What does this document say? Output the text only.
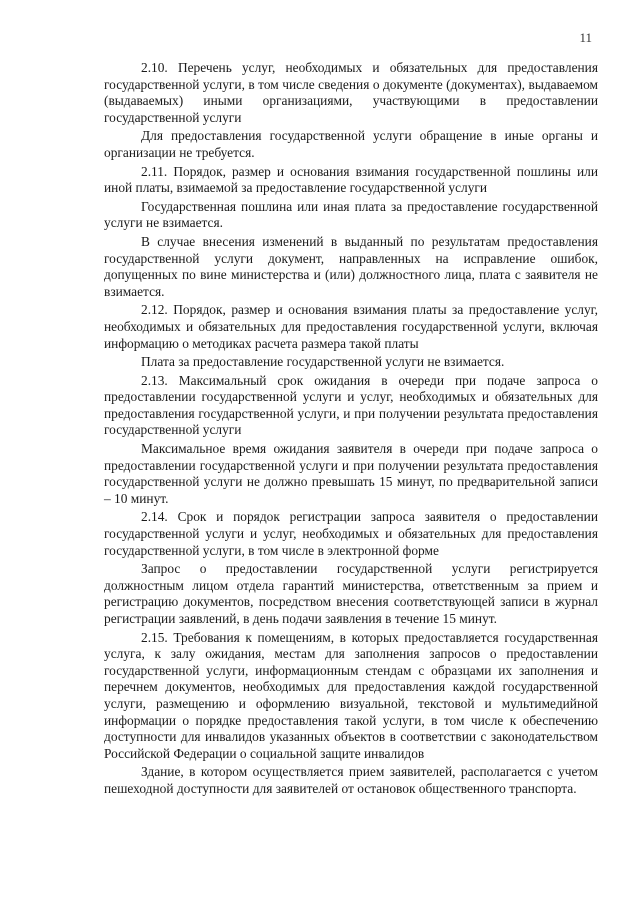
11

2.10. Перечень услуг, необходимых и обязательных для предоставления государственной услуги, в том числе сведения о документе (документах), выдаваемом (выдаваемых) иными организациями, участвующими в предоставлении государственной услуги

Для предоставления государственной услуги обращение в иные органы и организации не требуется.

2.11. Порядок, размер и основания взимания государственной пошлины или иной платы, взимаемой за предоставление государственной услуги

Государственная пошлина или иная плата за предоставление государственной услуги не взимается.

В случае внесения изменений в выданный по результатам предоставления государственной услуги документ, направленных на исправление ошибок, допущенных по вине министерства и (или) должностного лица, плата с заявителя не взимается.

2.12. Порядок, размер и основания взимания платы за предоставление услуг, необходимых и обязательных для предоставления государственной услуги, включая информацию о методиках расчета размера такой платы

Плата за предоставление государственной услуги не взимается.

2.13. Максимальный срок ожидания в очереди при подаче запроса о предоставлении государственной услуги и услуг, необходимых и обязательных для предоставления государственной услуги, и при получении результата предоставления государственной услуги

Максимальное время ожидания заявителя в очереди при подаче запроса о предоставлении государственной услуги и при получении результата предоставления государственной услуги не должно превышать 15 минут, по предварительной записи – 10 минут.

2.14. Срок и порядок регистрации запроса заявителя о предоставлении государственной услуги и услуг, необходимых и обязательных для предоставления государственной услуги, в том числе в электронной форме

Запрос о предоставлении государственной услуги регистрируется должностным лицом отдела гарантий министерства, ответственным за прием и регистрацию документов, посредством внесения соответствующей записи в журнал регистрации заявлений, в день подачи заявления в течение 15 минут.

2.15. Требования к помещениям, в которых предоставляется государственная услуга, к залу ожидания, местам для заполнения запросов о предоставлении государственной услуги, информационным стендам с образцами их заполнения и перечнем документов, необходимых для предоставления каждой государственной услуги, размещению и оформлению визуальной, текстовой и мультимедийной информации о порядке предоставления такой услуги, в том числе к обеспечению доступности для инвалидов указанных объектов в соответствии с законодательством Российской Федерации о социальной защите инвалидов

Здание, в котором осуществляется прием заявителей, располагается с учетом пешеходной доступности для заявителей от остановок общественного транспорта.
